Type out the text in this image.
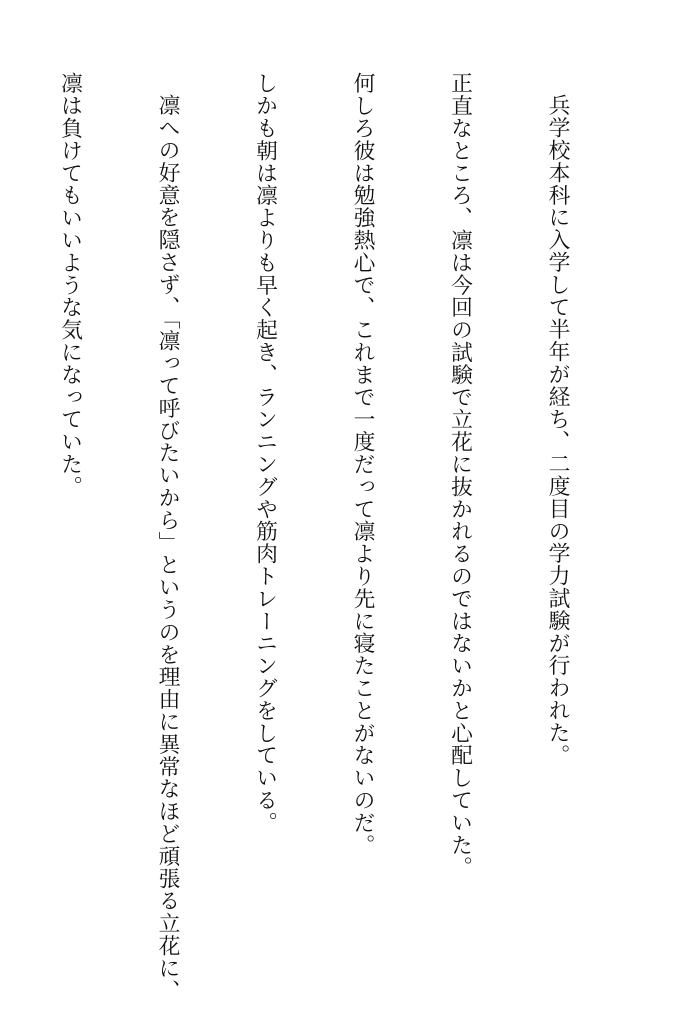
兵学校本科に入学して半年が経ち、二度目の学力試験が行われた。

正直なところ、凛は今回の試験で立花に抜かれるのではないかと心配していた。

何しろ彼は勉強熱心で、これまで一度だって凛より先に寝たことがないのだ。

しかも朝は凛よりも早く起き、ランニングや筋肉トレーニングをしている。

凛への好意を隠さず、「凛って呼びたいから」というのを理由に異常なほど頑張る立花に、

凛は負けてもいいような気になっていた。
